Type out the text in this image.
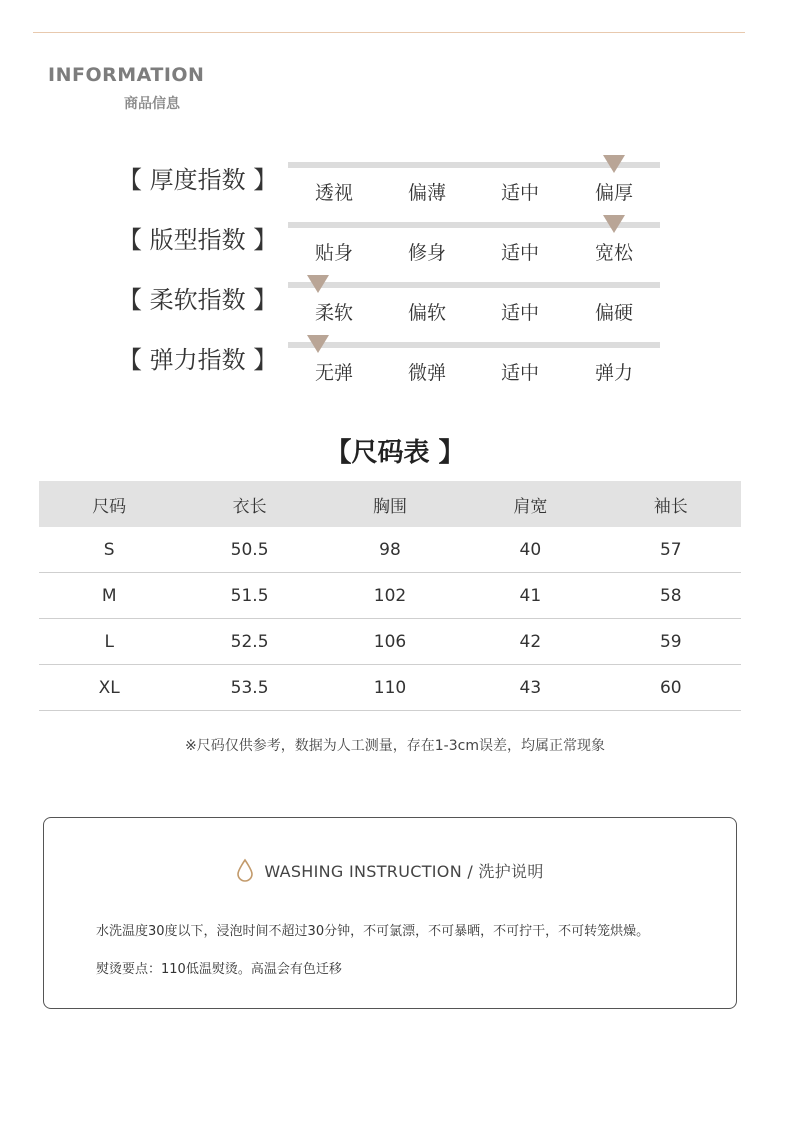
INFORMATION
商品信息
【 厚度指数 】	透视	偏薄	适中	偏厚
【 版型指数 】	贴身	修身	适中	宽松
【 柔软指数 】	柔软	偏软	适中	偏硬
【 弹力指数 】	无弹	微弹	适中	弹力
【尺码表 】
尺码	衣长	胸围	肩宽	袖长
S	50.5	98	40	57
M	51.5	102	41	58
L	52.5	106	42	59
XL	53.5	110	43	60
※尺码仅供参考，数据为人工测量，存在1-3cm误差，均属正常现象
WASHING INSTRUCTION / 洗护说明
水洗温度30度以下，浸泡时间不超过30分钟，不可氯漂，不可暴晒，不可拧干，不可转笼烘燥。
熨烫要点：110低温熨烫。高温会有色迁移
